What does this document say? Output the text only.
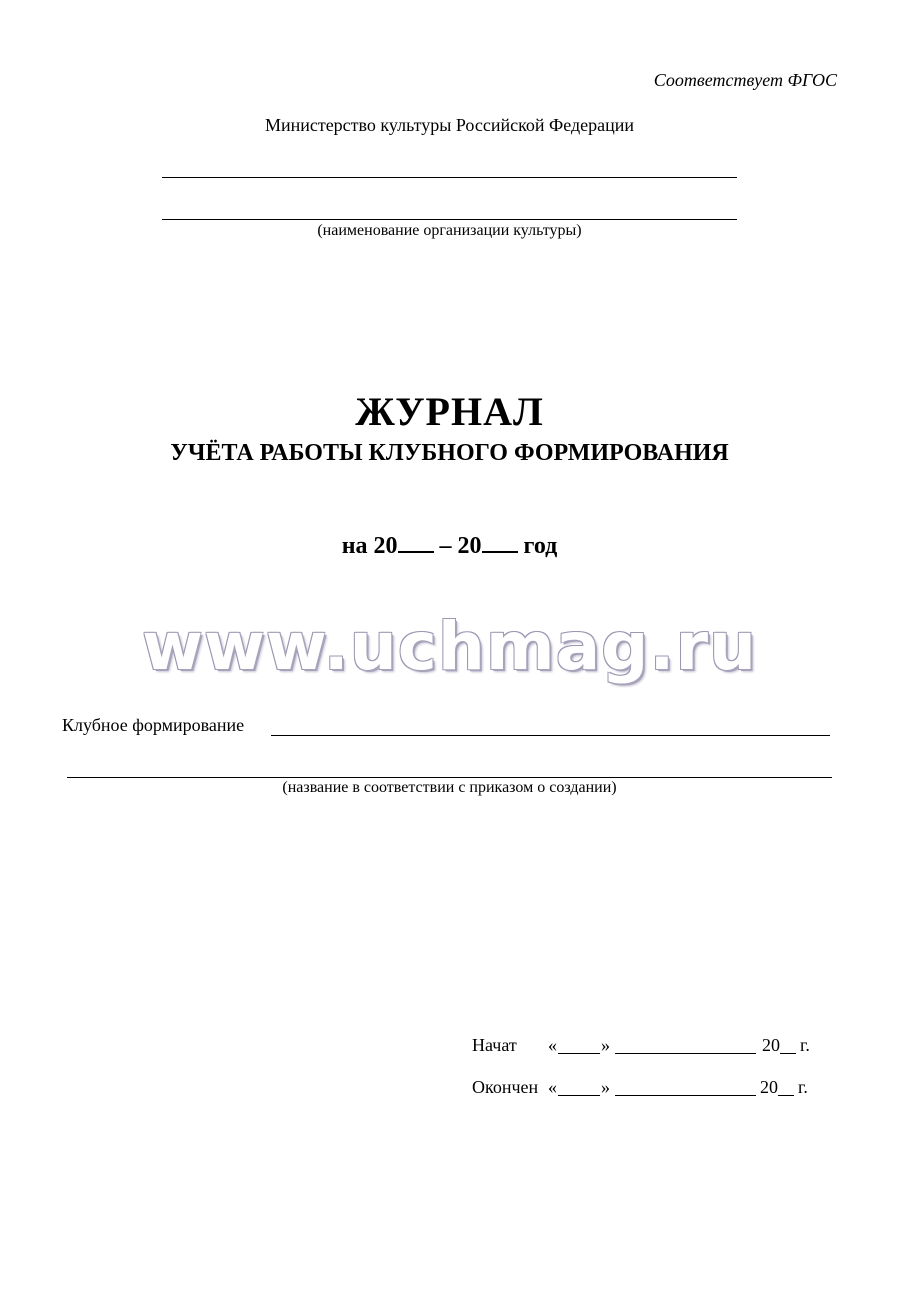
Соответствует ФГОС
Министерство культуры Российской Федерации
(наименование организации культуры)
ЖУРНАЛ
УЧЁТА РАБОТЫ КЛУБНОГО ФОРМИРОВАНИЯ
на 20 – 20 год
www.uchmag.ru
Клубное формирование
(название в соответствии с приказом о создании)
Начат « »	20 г.
Окончен « »	20 г.
